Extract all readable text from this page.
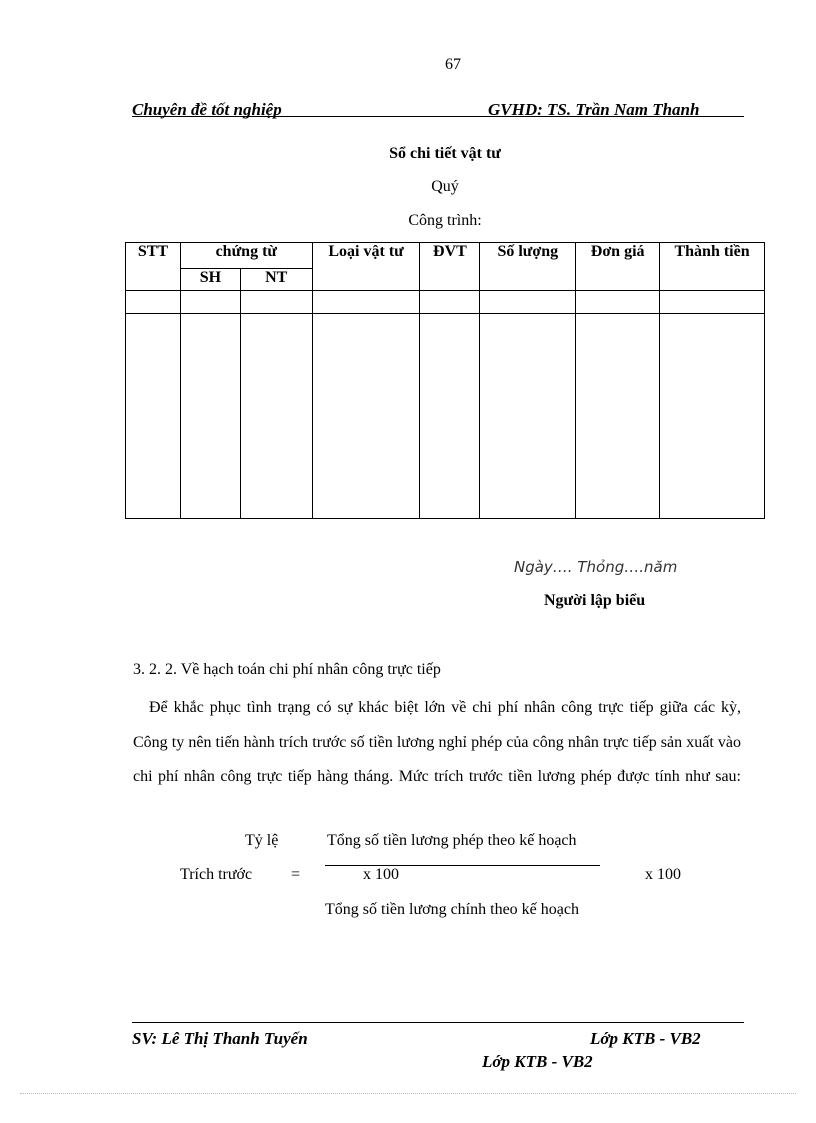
67
Chuyên đề tốt nghiệp	GVHD: TS. Trần Nam Thanh
Sổ chi tiết vật tư
Quý
Công trình:
STT	chứng từ		Loại vật tư	ĐVT	Số lượng	Đơn giá	Thành tiền
	SH	NT					

Ngày…. Thỏng….năm
Người lập biểu
3. 2. 2. Về hạch toán chi phí nhân công trực tiếp
Để khắc phục tình trạng có sự khác biệt lớn về chi phí nhân công trực tiếp giữa các kỳ, Công ty nên tiến hành trích trước số tiền lương nghỉ phép của công nhân trực tiếp sản xuất vào chi phí nhân công trực tiếp hàng tháng. Mức trích trước tiền lương phép được tính như sau:
Tỷ lệ	Tổng số tiền lương phép theo kế hoạch
Trích trước =	x 100	x 100
Tổng số tiền lương chính theo kế hoạch
SV: Lê Thị Thanh Tuyến	Lớp KTB - VB2
Lớp KTB - VB2
